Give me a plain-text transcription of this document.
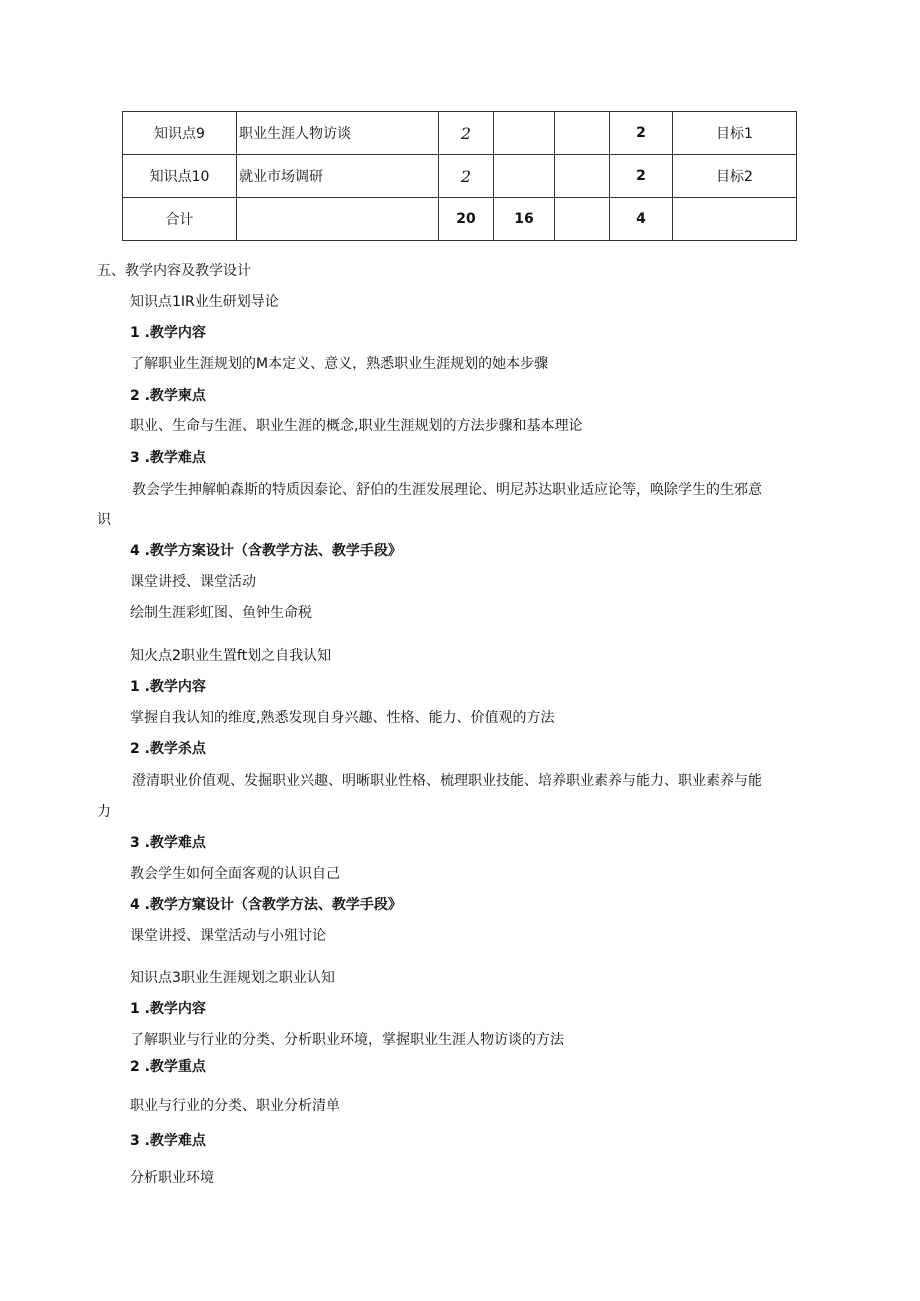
知识点9	职业生涯人物访谈	2			2	目标1
知识点10	就业市场调研	2			2	目标2
合计		20	16		4	
五、教学内容及教学设计
知识点1IR业生研划导论
1 .教学内容
了解职业生涯规划的M本定义、意义，熟悉职业生涯规划的她本步骤
2 .教学柬点
职业、生命与生涯、职业生涯的概念,职业生涯规划的方法步骤和基本理论
3 .教学难点
教会学生抻解帕森斯的特质因泰论、舒伯的生涯发展理论、明尼苏达职业适应论等，唤除学生的生邪意
识
4 .教学方案设计（含教学方法、教学手段》
课堂讲授、课堂活动
绘制生涯彩虹图、鱼钟生命税
知火点2职业生置ft划之自我认知
1 .教学内容
掌握自我认知的维度,熟悉发现自身兴趣、性格、能力、价值观的方法
2 .教学杀点
澄清职业价值观、发掘职业兴趣、明晰职业性格、梳理职业技能、培养职业素养与能力、职业素养与能
力
3 .教学难点
教会学生如何全面客观的认识自己
4 .教学方窠设计（含教学方法、教学手段》
课堂讲授、课堂活动与小殂讨论
知识点3职业生涯规划之职业认知
1 .教学内容
了解职业与行业的分类、分析职业环境，掌握职业生涯人物访谈的方法
2 .教学重点
职业与行业的分类、职业分析清单
3 .教学难点
分析职业环境
